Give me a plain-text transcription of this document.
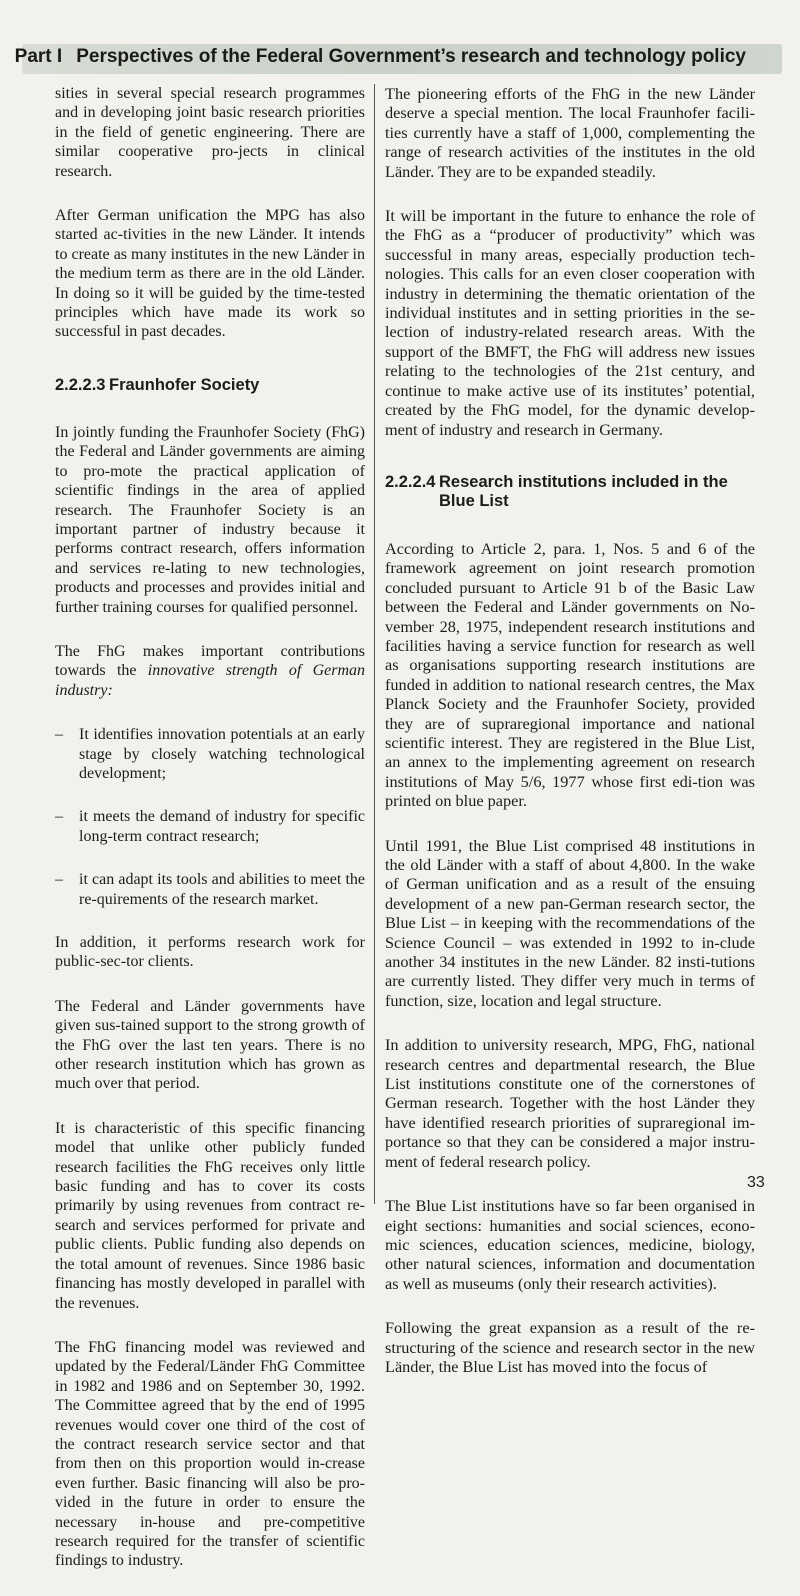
Part I Perspectives of the Federal Government’s research and technology policy

sities in several special research programmes and in developing joint basic research priorities in the field of genetic engineering. There are similar cooperative pro-jects in clinical research.

After German unification the MPG has also started ac-tivities in the new Länder. It intends to create as many institutes in the new Länder in the medium term as there are in the old Länder. In doing so it will be guided by the time-tested principles which have made its work so successful in past decades.

2.2.2.3 Fraunhofer Society

In jointly funding the Fraunhofer Society (FhG) the Federal and Länder governments are aiming to pro-mote the practical application of scientific findings in the area of applied research. The Fraunhofer Society is an important partner of industry because it performs contract research, offers information and services re-lating to new technologies, products and processes and provides initial and further training courses for qualified personnel.

The FhG makes important contributions towards the innovative strength of German industry:

– It identifies innovation potentials at an early stage by closely watching technological development;
– it meets the demand of industry for specific long-term contract research;
– it can adapt its tools and abilities to meet the re-quirements of the research market.

In addition, it performs research work for public-sec-tor clients.

The Federal and Länder governments have given sus-tained support to the strong growth of the FhG over the last ten years. There is no other research institution which has grown as much over that period.

It is characteristic of this specific financing model that unlike other publicly funded research facilities the FhG receives only little basic funding and has to cover its costs primarily by using revenues from contract re-search and services performed for private and public clients. Public funding also depends on the total amount of revenues. Since 1986 basic financing has mostly developed in parallel with the revenues.

The FhG financing model was reviewed and updated by the Federal/Länder FhG Committee in 1982 and 1986 and on September 30, 1992. The Committee agreed that by the end of 1995 revenues would cover one third of the cost of the contract research service sector and that from then on this proportion would in-crease even further. Basic financing will also be pro-vided in the future in order to ensure the necessary in-house and pre-competitive research required for the transfer of scientific findings to industry.

The pioneering efforts of the FhG in the new Länder deserve a special mention. The local Fraunhofer facili-ties currently have a staff of 1,000, complementing the range of research activities of the institutes in the old Länder. They are to be expanded steadily.

It will be important in the future to enhance the role of the FhG as a “producer of productivity” which was successful in many areas, especially production tech-nologies. This calls for an even closer cooperation with industry in determining the thematic orientation of the individual institutes and in setting priorities in the se-lection of industry-related research areas. With the support of the BMFT, the FhG will address new issues relating to the technologies of the 21st century, and continue to make active use of its institutes’ potential, created by the FhG model, for the dynamic develop-ment of industry and research in Germany.

2.2.2.4 Research institutions included in the
Blue List

According to Article 2, para. 1, Nos. 5 and 6 of the framework agreement on joint research promotion concluded pursuant to Article 91 b of the Basic Law between the Federal and Länder governments on No-vember 28, 1975, independent research institutions and facilities having a service function for research as well as organisations supporting research institutions are funded in addition to national research centres, the Max Planck Society and the Fraunhofer Society, provided they are of supraregional importance and national scientific interest. They are registered in the Blue List, an annex to the implementing agreement on research institutions of May 5/6, 1977 whose first edi-tion was printed on blue paper.

Until 1991, the Blue List comprised 48 institutions in the old Länder with a staff of about 4,800. In the wake of German unification and as a result of the ensuing development of a new pan-German research sector, the Blue List – in keeping with the recommendations of the Science Council – was extended in 1992 to in-clude another 34 institutes in the new Länder. 82 insti-tutions are currently listed. They differ very much in terms of function, size, location and legal structure.

In addition to university research, MPG, FhG, national research centres and departmental research, the Blue List institutions constitute one of the cornerstones of German research. Together with the host Länder they have identified research priorities of supraregional im-portance so that they can be considered a major instru-ment of federal research policy.

The Blue List institutions have so far been organised in eight sections: humanities and social sciences, econo-mic sciences, education sciences, medicine, biology, other natural sciences, information and documentation as well as museums (only their research activities).

Following the great expansion as a result of the re-structuring of the science and research sector in the new Länder, the Blue List has moved into the focus of

33
